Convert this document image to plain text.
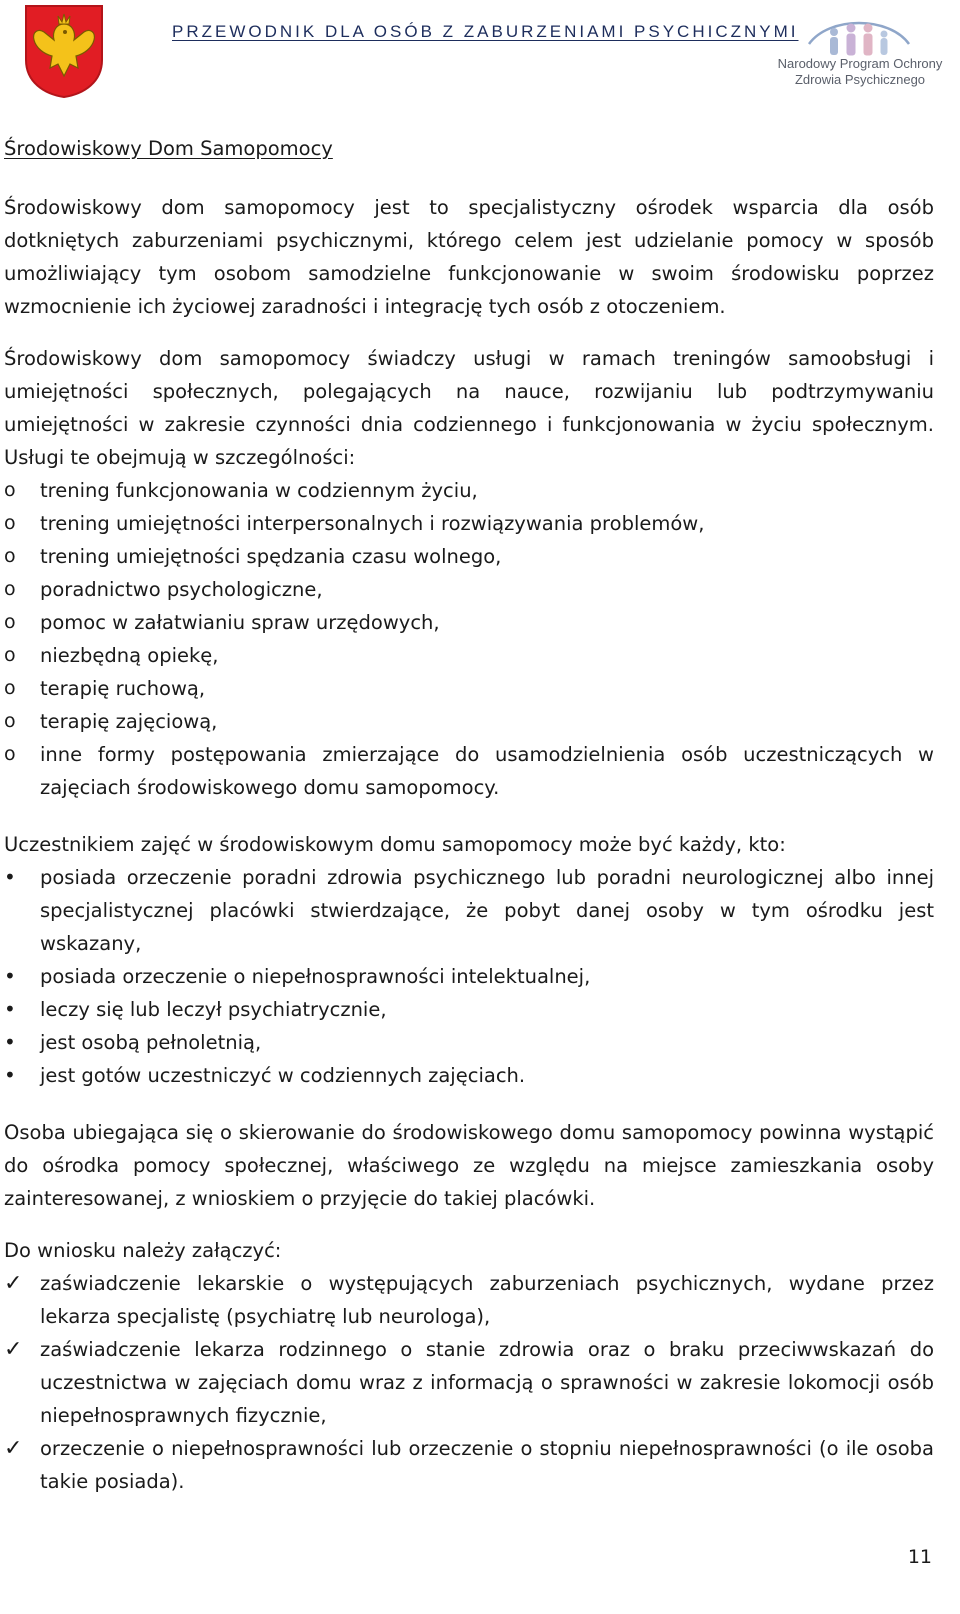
PRZEWODNIK DLA OSÓB Z ZABURZENIAMI PSYCHICZNYMI
Narodowy Program Ochrony
Zdrowia Psychicznego
Środowiskowy Dom Samopomocy

Środowiskowy dom samopomocy jest to specjalistyczny ośrodek wsparcia dla osób dotkniętych zaburzeniami psychicznymi, którego celem jest udzielanie pomocy w sposób umożliwiający tym osobom samodzielne funkcjonowanie w swoim środowisku poprzez wzmocnienie ich życiowej zaradności i integrację tych osób z otoczeniem.

Środowiskowy dom samopomocy świadczy usługi w ramach treningów samoobsługi i umiejętności społecznych, polegających na nauce, rozwijaniu lub podtrzymywaniu umiejętności w zakresie czynności dnia codziennego i funkcjonowania w życiu społecznym. Usługi te obejmują w szczególności:

o	trening funkcjonowania w codziennym życiu,
o	trening umiejętności interpersonalnych i rozwiązywania problemów,
o	trening umiejętności spędzania czasu wolnego,
o	poradnictwo psychologiczne,
o	pomoc w załatwianiu spraw urzędowych,
o	niezbędną opiekę,
o	terapię ruchową,
o	terapię zajęciową,
o	inne formy postępowania zmierzające do usamodzielnienia osób uczestniczących w zajęciach środowiskowego domu samopomocy.

Uczestnikiem zajęć w środowiskowym domu samopomocy może być każdy, kto:

•	posiada orzeczenie poradni zdrowia psychicznego lub poradni neurologicznej albo innej specjalistycznej placówki stwierdzające, że pobyt danej osoby w tym ośrodku jest wskazany,
•	posiada orzeczenie o niepełnosprawności intelektualnej,
•	leczy się lub leczył psychiatrycznie,
•	jest osobą pełnoletnią,
•	jest gotów uczestniczyć w codziennych zajęciach.

Osoba ubiegająca się o skierowanie do środowiskowego domu samopomocy powinna wystąpić do ośrodka pomocy społecznej, właściwego ze względu na miejsce zamieszkania osoby zainteresowanej, z wnioskiem o przyjęcie do takiej placówki.

Do wniosku należy załączyć:

✓ zaświadczenie lekarskie o występujących zaburzeniach psychicznych, wydane przez lekarza specjalistę (psychiatrę lub neurologa),
✓ zaświadczenie lekarza rodzinnego o stanie zdrowia oraz o braku przeciwwskazań do uczestnictwa w zajęciach domu wraz z informacją o sprawności w zakresie lokomocji osób niepełnosprawnych fizycznie,
✓ orzeczenie o niepełnosprawności lub orzeczenie o stopniu niepełnosprawności (o ile osoba takie posiada).
11
